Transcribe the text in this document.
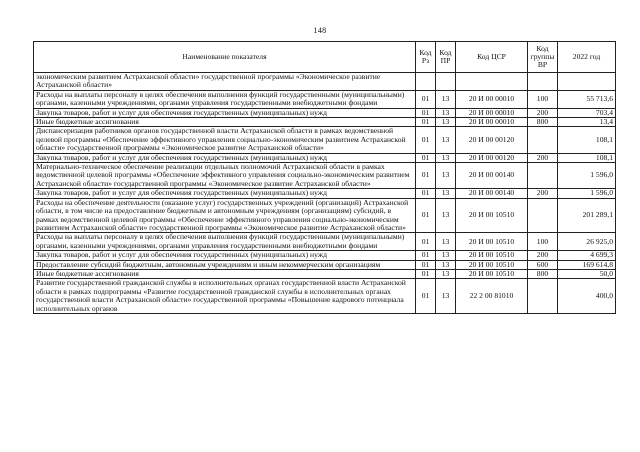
148
Наименование показателя	Код Рз	Код ПР	Код ЦСР	Код группы ВР	2022 год
экономическим развитием Астраханской области» государственной программы «Экономическое развитие Астраханской области»					
Расходы на выплаты персоналу в целях обеспечения выполнения функций государственными (муниципальными) органами, казенными учреждениями, органами управления государственными внебюджетными фондами	01	13	20 И 00 00010	100	55 713,6
Закупка товаров, работ и услуг для обеспечения государственных (муниципальных) нужд	01	13	20 И 00 00010	200	703,4
Иные бюджетные ассигнования	01	13	20 И 00 00010	800	13,4
Диспансеризация работников органов государственной власти Астраханской области в рамках ведомственной целевой программы «Обеспечение эффективного управления социально-экономическим развитием Астраханской области» государственной программы «Экономическое развитие Астраханской области»	01	13	20 И 00 00120		108,1
Закупка товаров, работ и услуг для обеспечения государственных (муниципальных) нужд	01	13	20 И 00 00120	200	108,1
Материально-техническое обеспечение реализации отдельных полномочий Астраханской области в рамках ведомственной целевой программы «Обеспечение эффективного управления социально-экономическим развитием Астраханской области» государственной программы «Экономическое развитие Астраханской области»	01	13	20 И 00 00140		1 596,0
Закупка товаров, работ и услуг для обеспечения государственных (муниципальных) нужд	01	13	20 И 00 00140	200	1 596,0
Расходы на обеспечение деятельности (оказание услуг) государственных учреждений (организаций) Астраханской области, в том числе на предоставление бюджетным и автономным учреждениям (организациям) субсидий, в рамках ведомственной целевой программы «Обеспечение эффективного управления социально-экономическим развитием Астраханской области» государственной программы «Экономическое развитие Астраханской области»	01	13	20 И 00 10510		201 289,1
Расходы на выплаты персоналу в целях обеспечения выполнения функций государственными (муниципальными) органами, казенными учреждениями, органами управления государственными внебюджетными фондами	01	13	20 И 00 10510	100	26 925,0
Закупка товаров, работ и услуг для обеспечения государственных (муниципальных) нужд	01	13	20 И 00 10510	200	4 699,3
Предоставление субсидий бюджетным, автономным учреждениям и иным некоммерческим организациям	01	13	20 И 00 10510	600	169 614,8
Иные бюджетные ассигнования	01	13	20 И 00 10510	800	50,0
Развитие государственной гражданской службы в исполнительных органах государственной власти Астраханской области в рамках подпрограммы «Развитие государственной гражданской службы в исполнительных органах государственной власти Астраханской области» государственной программы «Повышение кадрового потенциала исполнительных органов	01	13	22 2 00 81010		400,0
